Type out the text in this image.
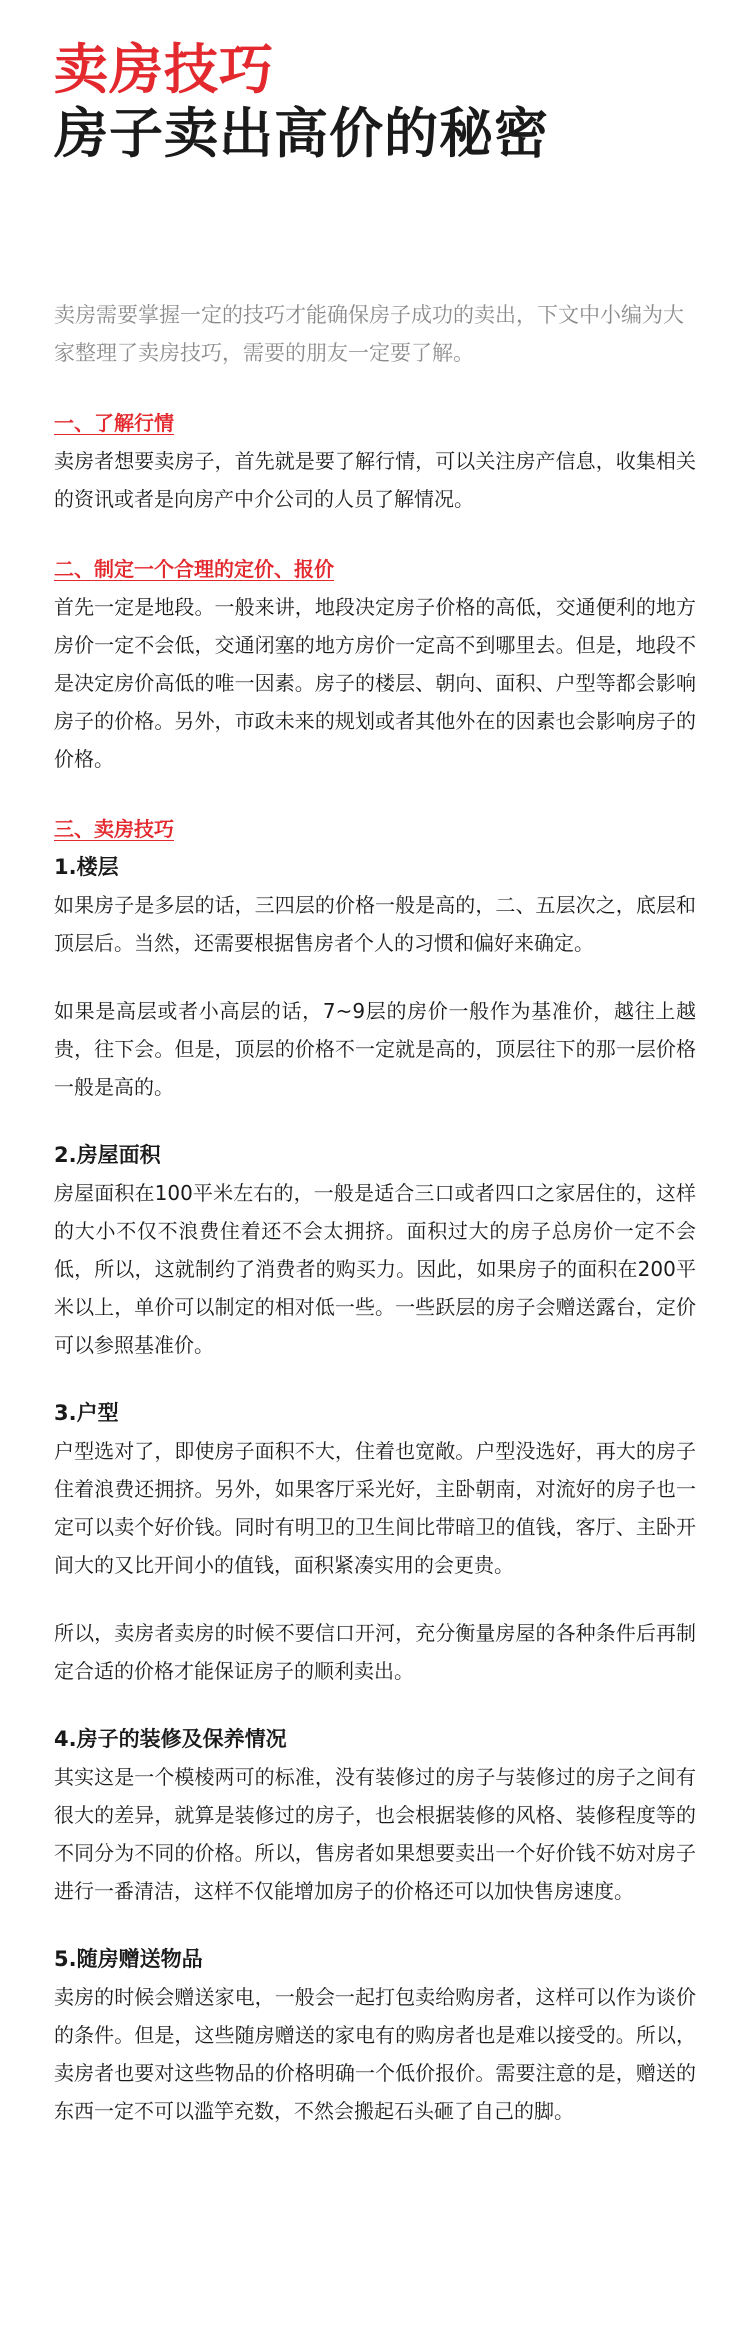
卖房技巧
房子卖出高价的秘密

卖房需要掌握一定的技巧才能确保房子成功的卖出，下文中小编为大家整理了卖房技巧，需要的朋友一定要了解。

一、了解行情

卖房者想要卖房子，首先就是要了解行情，可以关注房产信息，收集相关的资讯或者是向房产中介公司的人员了解情况。

二、制定一个合理的定价、报价

首先一定是地段。一般来讲，地段决定房子价格的高低，交通便利的地方房价一定不会低，交通闭塞的地方房价一定高不到哪里去。但是，地段不是决定房价高低的唯一因素。房子的楼层、朝向、面积、户型等都会影响房子的价格。另外，市政未来的规划或者其他外在的因素也会影响房子的价格。

三、卖房技巧

1.楼层

如果房子是多层的话，三四层的价格一般是高的，二、五层次之，底层和顶层后。当然，还需要根据售房者个人的习惯和偏好来确定。

如果是高层或者小高层的话，7~9层的房价一般作为基准价，越往上越贵，往下会。但是，顶层的价格不一定就是高的，顶层往下的那一层价格一般是高的。

2.房屋面积

房屋面积在100平米左右的，一般是适合三口或者四口之家居住的，这样的大小不仅不浪费住着还不会太拥挤。面积过大的房子总房价一定不会低，所以，这就制约了消费者的购买力。因此，如果房子的面积在200平米以上，单价可以制定的相对低一些。一些跃层的房子会赠送露台，定价可以参照基准价。

3.户型

户型选对了，即使房子面积不大，住着也宽敞。户型没选好，再大的房子住着浪费还拥挤。另外，如果客厅采光好，主卧朝南，对流好的房子也一定可以卖个好价钱。同时有明卫的卫生间比带暗卫的值钱，客厅、主卧开间大的又比开间小的值钱，面积紧凑实用的会更贵。

所以，卖房者卖房的时候不要信口开河，充分衡量房屋的各种条件后再制定合适的价格才能保证房子的顺利卖出。

4.房子的装修及保养情况

其实这是一个模棱两可的标准，没有装修过的房子与装修过的房子之间有很大的差异，就算是装修过的房子，也会根据装修的风格、装修程度等的不同分为不同的价格。所以，售房者如果想要卖出一个好价钱不妨对房子进行一番清洁，这样不仅能增加房子的价格还可以加快售房速度。

5.随房赠送物品

卖房的时候会赠送家电，一般会一起打包卖给购房者，这样可以作为谈价的条件。但是，这些随房赠送的家电有的购房者也是难以接受的。所以，卖房者也要对这些物品的价格明确一个低价报价。需要注意的是，赠送的东西一定不可以滥竽充数，不然会搬起石头砸了自己的脚。
